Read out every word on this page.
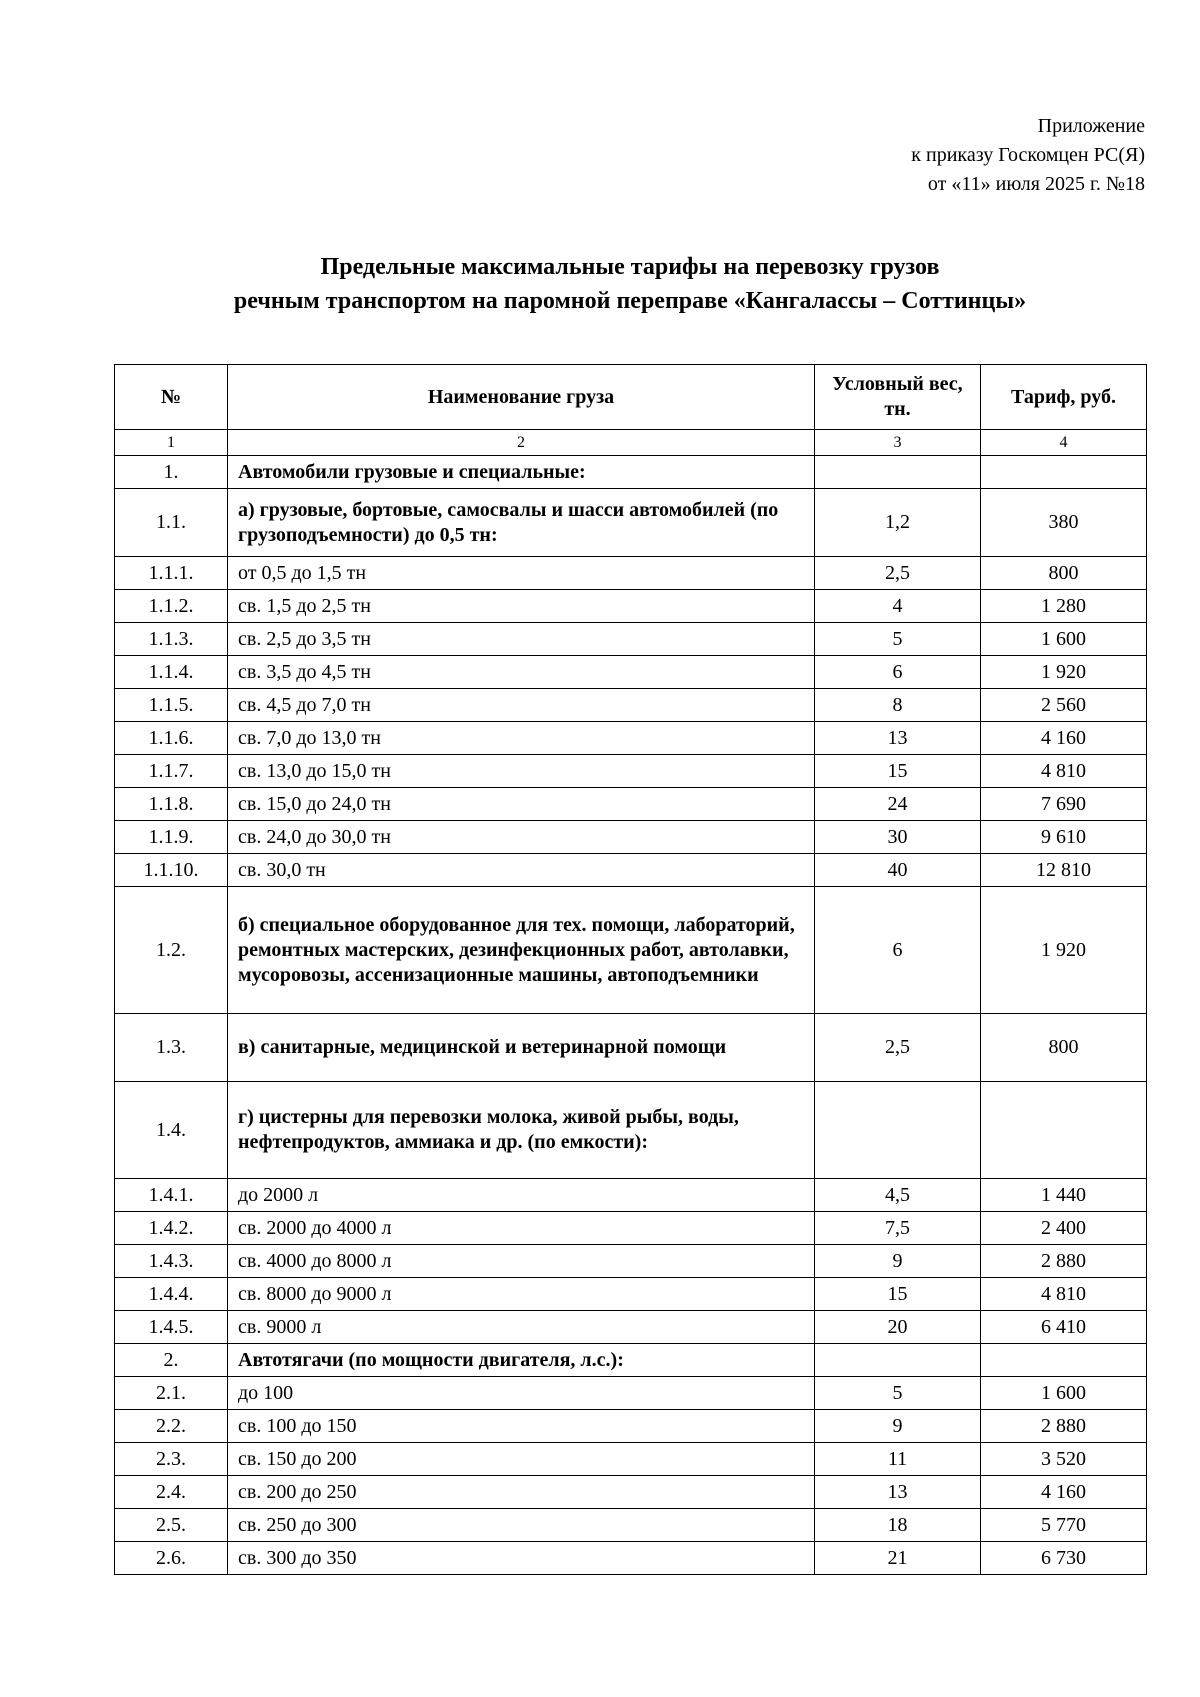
Приложение
к приказу Госкомцен РС(Я)
от «11» июля 2025 г. №18
Предельные максимальные тарифы на перевозку грузов
речным транспортом на паромной переправе «Кангалассы – Соттинцы»
№	Наименование груза	Условный вес, тн.	Тариф, руб.
1	2	3	4
1.	Автомобили грузовые и специальные:		
1.1.	а) грузовые, бортовые, самосвалы и шасси автомобилей (по грузоподъемности) до 0,5 тн:	1,2	380
1.1.1.	от 0,5 до 1,5 тн	2,5	800
1.1.2.	св. 1,5 до 2,5 тн	4	1 280
1.1.3.	св. 2,5 до 3,5 тн	5	1 600
1.1.4.	св. 3,5 до 4,5 тн	6	1 920
1.1.5.	св. 4,5 до 7,0 тн	8	2 560
1.1.6.	св. 7,0 до 13,0 тн	13	4 160
1.1.7.	св. 13,0 до 15,0 тн	15	4 810
1.1.8.	св. 15,0 до 24,0 тн	24	7 690
1.1.9.	св. 24,0 до 30,0 тн	30	9 610
1.1.10.	св. 30,0 тн	40	12 810
1.2.	б) специальное оборудованное для тех. помощи, лабораторий, ремонтных мастерских, дезинфекционных работ, автолавки, мусоровозы, ассенизационные машины, автоподъемники	6	1 920
1.3.	в) санитарные, медицинской и ветеринарной помощи	2,5	800
1.4.	г) цистерны для перевозки молока, живой рыбы, воды, нефтепродуктов, аммиака и др. (по емкости):		
1.4.1.	до 2000 л	4,5	1 440
1.4.2.	св. 2000 до 4000 л	7,5	2 400
1.4.3.	св. 4000 до 8000 л	9	2 880
1.4.4.	св. 8000 до 9000 л	15	4 810
1.4.5.	св. 9000 л	20	6 410
2.	Автотягачи (по мощности двигателя, л.с.):		
2.1.	до 100	5	1 600
2.2.	св. 100 до 150	9	2 880
2.3.	св. 150 до 200	11	3 520
2.4.	св. 200 до 250	13	4 160
2.5.	св. 250 до 300	18	5 770
2.6.	св. 300 до 350	21	6 730
